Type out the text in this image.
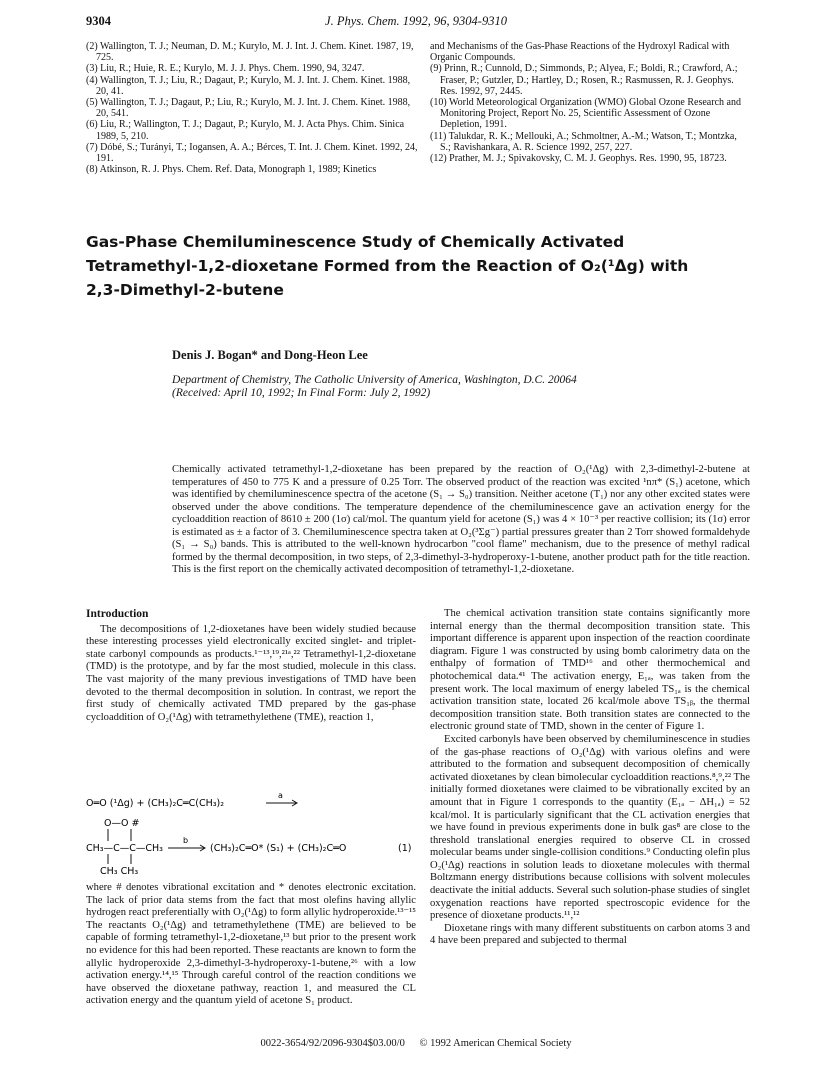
9304	J. Phys. Chem. 1992, 96, 9304-9310

(2) Wallington, T. J.; Neuman, D. M.; Kurylo, M. J. Int. J. Chem. Kinet. 1987, 19, 725.

(3) Liu, R.; Huie, R. E.; Kurylo, M. J. J. Phys. Chem. 1990, 94, 3247.

(4) Wallington, T. J.; Liu, R.; Dagaut, P.; Kurylo, M. J. Int. J. Chem. Kinet. 1988, 20, 41.

(5) Wallington, T. J.; Dagaut, P.; Liu, R.; Kurylo, M. J. Int. J. Chem. Kinet. 1988, 20, 541.

(6) Liu, R.; Wallington, T. J.; Dagaut, P.; Kurylo, M. J. Acta Phys. Chim. Sinica 1989, 5, 210.

(7) Dóbé, S.; Turányi, T.; Iogansen, A. A.; Bérces, T. Int. J. Chem. Kinet. 1992, 24, 191.

(8) Atkinson, R. J. Phys. Chem. Ref. Data, Monograph 1, 1989; Kinetics

and Mechanisms of the Gas-Phase Reactions of the Hydroxyl Radical with Organic Compounds.

(9) Prinn, R.; Cunnold, D.; Simmonds, P.; Alyea, F.; Boldi, R.; Crawford, A.; Fraser, P.; Gutzler, D.; Hartley, D.; Rosen, R.; Rasmussen, R. J. Geophys. Res. 1992, 97, 2445.

(10) World Meteorological Organization (WMO) Global Ozone Research and Monitoring Project, Report No. 25, Scientific Assessment of Ozone Depletion, 1991.

(11) Talukdar, R. K.; Mellouki, A.; Schmoltner, A.-M.; Watson, T.; Montzka, S.; Ravishankara, A. R. Science 1992, 257, 227.

(12) Prather, M. J.; Spivakovsky, C. M. J. Geophys. Res. 1990, 95, 18723.

Gas-Phase Chemiluminescence Study of Chemically Activated
Tetramethyl-1,2-dioxetane Formed from the Reaction of O₂(¹Δg) with
2,3-Dimethyl-2-butene
Denis J. Bogan* and Dong-Heon Lee
Department of Chemistry, The Catholic University of America, Washington, D.C. 20064
(Received: April 10, 1992; In Final Form: July 2, 1992)
Chemically activated tetramethyl-1,2-dioxetane has been prepared by the reaction of O₂(¹Δg) with 2,3-dimethyl-2-butene at temperatures of 450 to 775 K and a pressure of 0.25 Torr. The observed product of the reaction was excited ¹nπ* (S₁) acetone, which was identified by chemiluminescence spectra of the acetone (S₁ → S₀) transition. Neither acetone (T₁) nor any other excited states were observed under the above conditions. The temperature dependence of the chemiluminescence gave an activation energy for the cycloaddition reaction of 8610 ± 200 (1σ) cal/mol. The quantum yield for acetone (S₁) was 4 × 10⁻³ per reactive collision; its (1σ) error is estimated as ± a factor of 3. Chemiluminescence spectra taken at O₂(³Σg⁻) partial pressures greater than 2 Torr showed formaldehyde (S₁ → S₀) bands. This is attributed to the well-known hydrocarbon "cool flame" mechanism, due to the presence of methyl radical formed by the thermal decomposition, in two steps, of 2,3-dimethyl-3-hydroperoxy-1-butene, another product path for the title reaction. This is the first report on the chemically activated decomposition of tetramethyl-1,2-dioxetane.
Introduction

The decompositions of 1,2-dioxetanes have been widely studied because these interesting processes yield electronically excited singlet- and triplet-state carbonyl compounds as products.¹⁻¹³,¹⁹,²¹ᵃ,²² Tetramethyl-1,2-dioxetane (TMD) is the prototype, and by far the most studied, molecule in this class. The vast majority of the many previous investigations of TMD have been devoted to the thermal decomposition in solution. In contrast, we report the first study of chemically activated TMD prepared by the gas-phase cycloaddition of O₂(¹Δg) with tetramethylethene (TME), reaction 1,

O═O (¹Δg) + (CH₃)₂C═C(CH₃)₂
a
O—O #
CH₃—C—C—CH₃
b
(CH₃)₂C═O* (S₁) + (CH₃)₂C═O	(1)
CH₃ CH₃

where # denotes vibrational excitation and * denotes electronic excitation. The lack of prior data stems from the fact that most olefins having allylic hydrogen react preferentially with O₂(¹Δg) to form allylic hydroperoxide.¹³⁻¹⁵ The reactants O₂(¹Δg) and tetramethylethene (TME) are believed to be capable of forming tetramethyl-1,2-dioxetane,¹³ but prior to the present work no evidence for this had been reported. These reactants are known to form the allylic hydroperoxide 2,3-dimethyl-3-hydroperoxy-1-butene,²⁶ with a low activation energy.¹⁴,¹⁵ Through careful control of the reaction conditions we have observed the dioxetane pathway, reaction 1, and measured the CL activation energy and the quantum yield of acetone S₁ product.

The chemical activation transition state contains significantly more internal energy than the thermal decomposition transition state. This important difference is apparent upon inspection of the reaction coordinate diagram. Figure 1 was constructed by using bomb calorimetry data on the enthalpy of formation of TMD¹⁶ and other thermochemical and photochemical data.⁴¹ The activation energy, E₁ₐ, was taken from the present work. The local maximum of energy labeled TS₁ₐ is the chemical activation transition state, located 26 kcal/mole above TS₁ᵦ, the thermal decomposition transition state. Both transition states are connected to the electronic ground state of TMD, shown in the center of Figure 1.

Excited carbonyls have been observed by chemiluminescence in studies of the gas-phase reactions of O₂(¹Δg) with various olefins and were attributed to the formation and subsequent decomposition of chemically activated dioxetanes by clean bimolecular cycloaddition reactions.⁸,⁹,²² The initially formed dioxetanes were claimed to be vibrationally excited by an amount that in Figure 1 corresponds to the quantity (E₁ₐ − ΔH₁ₐ) = 52 kcal/mol. It is particularly significant that the CL activation energies that we have found in previous experiments done in bulk gas⁸ are close to the threshold translational energies required to observe CL in crossed molecular beams under single-collision conditions.⁹ Conducting olefin plus O₂(¹Δg) reactions in solution leads to dioxetane molecules with thermal Boltzmann energy distributions because collisions with solvent molecules deactivate the initial adducts. Several such solution-phase studies of singlet oxygenation reactions have reported spectroscopic evidence for the presence of dioxetane products.¹¹,¹²

Dioxetane rings with many different substituents on carbon atoms 3 and 4 have been prepared and subjected to thermal

0022-3654/92/2096-9304$03.00/0 © 1992 American Chemical Society
